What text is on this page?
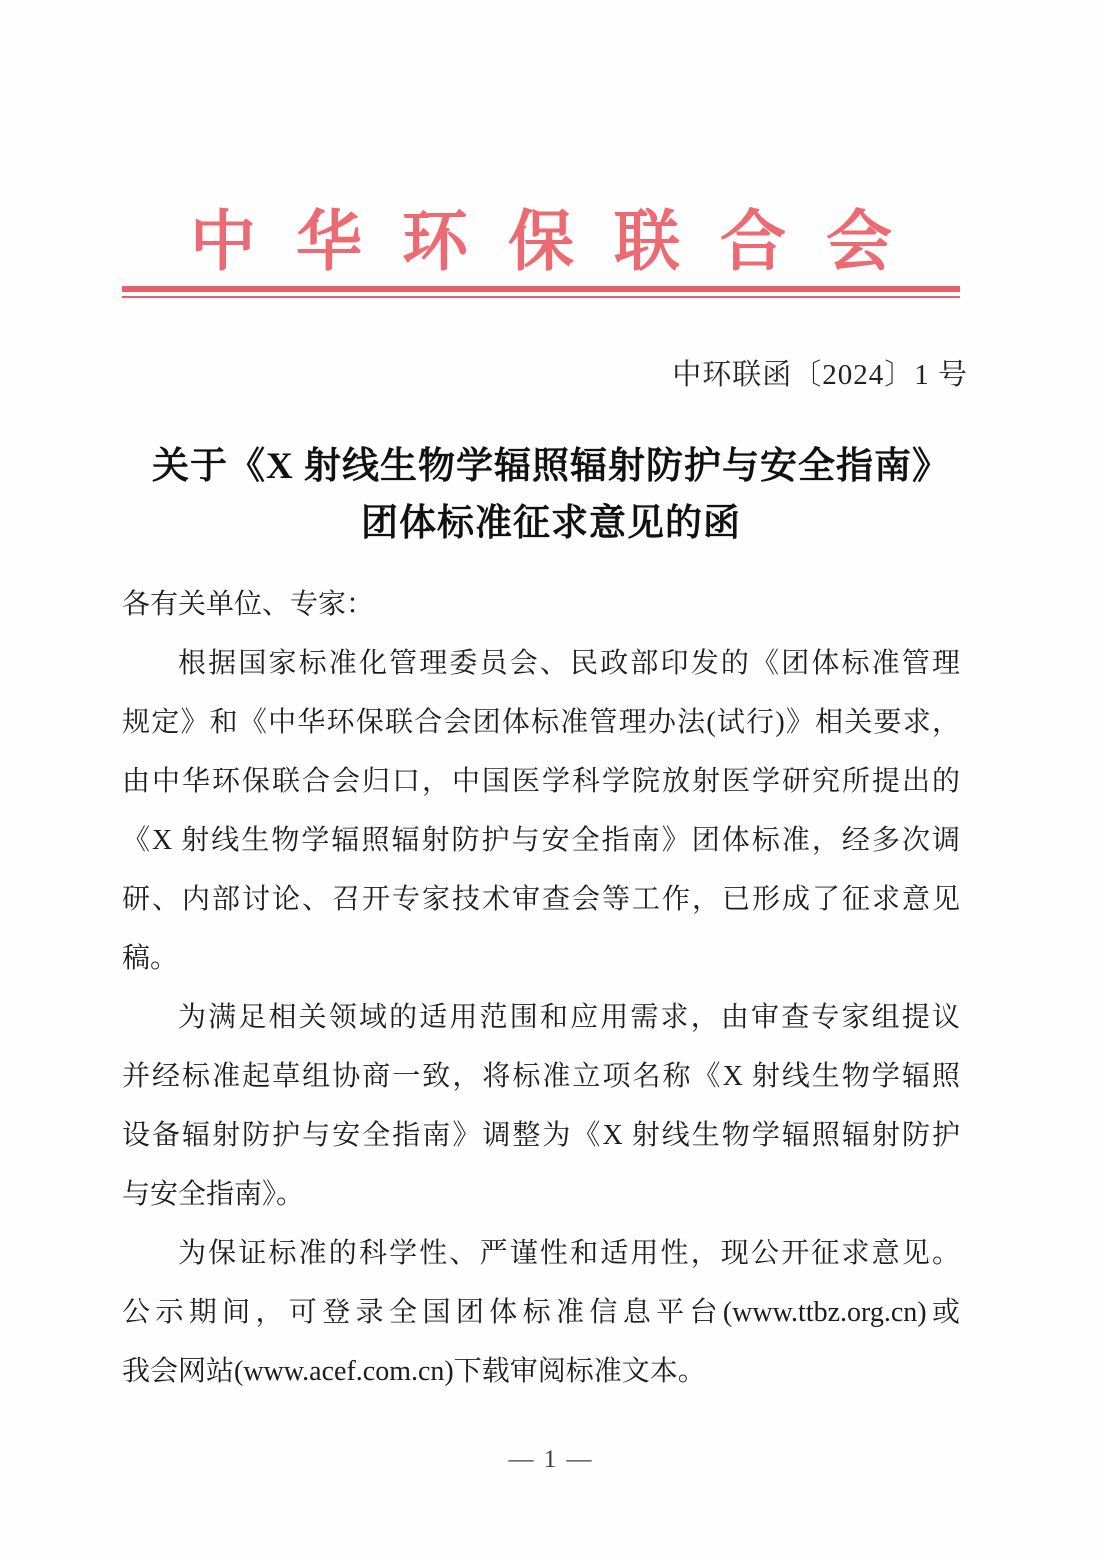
中华环保联合会
中环联函〔2024〕1 号
关于《X 射线生物学辐照辐射防护与安全指南》
团体标准征求意见的函
各有关单位、专家：
根据国家标准化管理委员会、民政部印发的《团体标准管理
规定》和《中华环保联合会团体标准管理办法(试行)》相关要求，
由中华环保联合会归口，中国医学科学院放射医学研究所提出的
《X 射线生物学辐照辐射防护与安全指南》团体标准，经多次调
研、内部讨论、召开专家技术审查会等工作，已形成了征求意见
稿。
为满足相关领域的适用范围和应用需求，由审查专家组提议
并经标准起草组协商一致，将标准立项名称《X 射线生物学辐照
设备辐射防护与安全指南》调整为《X 射线生物学辐照辐射防护
与安全指南》。
为保证标准的科学性、严谨性和适用性，现公开征求意见。
公示期间，可登录全国团体标准信息平台(www.ttbz.org.cn)或
我会网站(www.acef.com.cn)下载审阅标准文本。
— 1 —
